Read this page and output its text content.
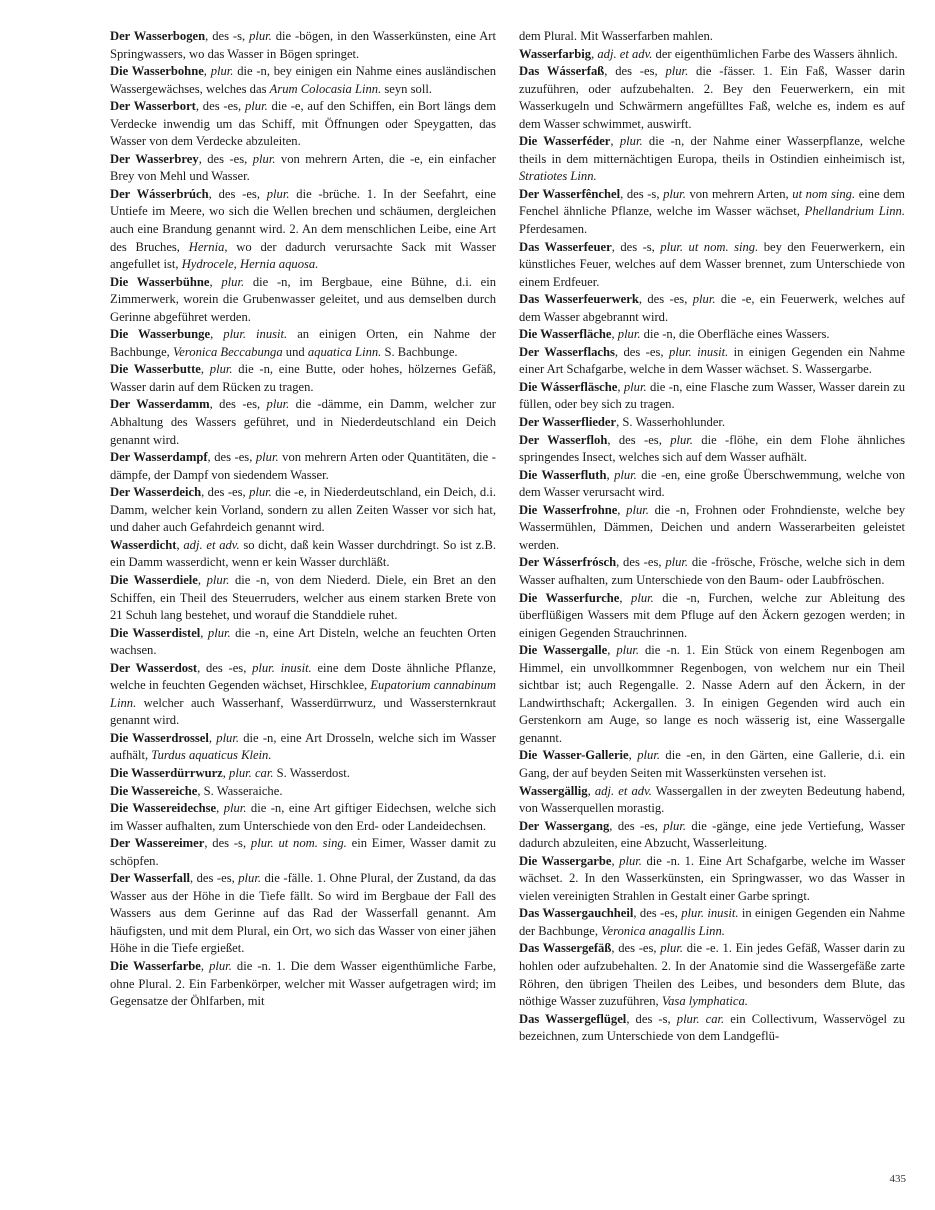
Der Wasserbogen, des -s, plur. die -bögen, in den Wasserkünsten, eine Art Springwassers, wo das Wasser in Bögen springet.

Die Wasserbohne, plur. die -n, bey einigen ein Nahme eines ausländischen Wassergewächses, welches das Arum Colocasia Linn. seyn soll.

Der Wasserbort, des -es, plur. die -e, auf den Schiffen, ein Bort längs dem Verdecke inwendig um das Schiff, mit Öffnungen oder Speygatten, das Wasser von dem Verdecke abzuleiten.

Der Wasserbrey, des -es, plur. von mehrern Arten, die -e, ein einfacher Brey von Mehl und Wasser.

Der Wásserbrúch, des -es, plur. die -brüche. 1. In der Seefahrt, eine Untiefe im Meere, wo sich die Wellen brechen und schäumen, dergleichen auch eine Brandung genannt wird. 2. An dem menschlichen Leibe, eine Art des Bruches, Hernia, wo der dadurch verursachte Sack mit Wasser angefullet ist, Hydrocele, Hernia aquosa.

Die Wasserbühne, plur. die -n, im Bergbaue, eine Bühne, d.i. ein Zimmerwerk, worein die Grubenwasser geleitet, und aus demselben durch Gerinne abgeführet werden.

Die Wasserbunge, plur. inusit. an einigen Orten, ein Nahme der Bachbunge, Veronica Beccabunga und aquatica Linn. S. Bachbunge.

Die Wasserbutte, plur. die -n, eine Butte, oder hohes, hölzernes Gefäß, Wasser darin auf dem Rücken zu tragen.

Der Wasserdamm, des -es, plur. die -dämme, ein Damm, welcher zur Abhaltung des Wassers geführet, und in Niederdeutschland ein Deich genannt wird.

Der Wasserdampf, des -es, plur. von mehrern Arten oder Quantitäten, die -dämpfe, der Dampf von siedendem Wasser.

Der Wasserdeich, des -es, plur. die -e, in Niederdeutschland, ein Deich, d.i. Damm, welcher kein Vorland, sondern zu allen Zeiten Wasser vor sich hat, und daher auch Gefahrdeich genannt wird.

Wasserdicht, adj. et adv. so dicht, daß kein Wasser durchdringt. So ist z.B. ein Damm wasserdicht, wenn er kein Wasser durchläßt.

Die Wasserdiele, plur. die -n, von dem Niederd. Diele, ein Bret an den Schiffen, ein Theil des Steuerruders, welcher aus einem starken Brete von 21 Schuh lang bestehet, und worauf die Standdiele ruhet.

Die Wasserdistel, plur. die -n, eine Art Disteln, welche an feuchten Orten wachsen.

Der Wasserdost, des -es, plur. inusit. eine dem Doste ähnliche Pflanze, welche in feuchten Gegenden wächset, Hirschklee, Eupatorium cannabinum Linn. welcher auch Wasserhanf, Wasserdürrwurz, und Wassersternkraut genannt wird.

Die Wasserdrossel, plur. die -n, eine Art Drosseln, welche sich im Wasser aufhält, Turdus aquaticus Klein.

Die Wasserdürrwurz, plur. car. S. Wasserdost.

Die Wassereiche, S. Wasseraiche.

Die Wassereidechse, plur. die -n, eine Art giftiger Eidechsen, welche sich im Wasser aufhalten, zum Unterschiede von den Erd- oder Landeidechsen.

Der Wassereimer, des -s, plur. ut nom. sing. ein Eimer, Wasser damit zu schöpfen.

Der Wasserfall, des -es, plur. die -fälle. 1. Ohne Plural, der Zustand, da das Wasser aus der Höhe in die Tiefe fällt. So wird im Bergbaue der Fall des Wassers aus dem Gerinne auf das Rad der Wasserfall genannt. Am häufigsten, und mit dem Plural, ein Ort, wo sich das Wasser von einer jähen Höhe in die Tiefe ergießet.

Die Wasserfarbe, plur. die -n. 1. Die dem Wasser eigenthümliche Farbe, ohne Plural. 2. Ein Farbenkörper, welcher mit Wasser aufgetragen wird; im Gegensatze der Öhlfarben, mit

dem Plural. Mit Wasserfarben mahlen.

Wasserfarbig, adj. et adv. der eigenthümlichen Farbe des Wassers ähnlich.

Das Wásserfaß, des -es, plur. die -fässer. 1. Ein Faß, Wasser darin zuzuführen, oder aufzubehalten. 2. Bey den Feuerwerkern, ein mit Wasserkugeln und Schwärmern angefülltes Faß, welche es, indem es auf dem Wasser schwimmet, auswirft.

Die Wasserféder, plur. die -n, der Nahme einer Wasserpflanze, welche theils in dem mitternächtigen Europa, theils in Ostindien einheimisch ist, Stratiotes Linn.

Der Wasserfênchel, des -s, plur. von mehrern Arten, ut nom sing. eine dem Fenchel ähnliche Pflanze, welche im Wasser wächset, Phellandrium Linn. Pferdesamen.

Das Wasserfeuer, des -s, plur. ut nom. sing. bey den Feuerwerkern, ein künstliches Feuer, welches auf dem Wasser brennet, zum Unterschiede von einem Erdfeuer.

Das Wasserfeuerwerk, des -es, plur. die -e, ein Feuerwerk, welches auf dem Wasser abgebrannt wird.

Die Wasserfläche, plur. die -n, die Oberfläche eines Wassers.

Der Wasserflachs, des -es, plur. inusit. in einigen Gegenden ein Nahme einer Art Schafgarbe, welche in dem Wasser wächset. S. Wassergarbe.

Die Wásserfläsche, plur. die -n, eine Flasche zum Wasser, Wasser darein zu füllen, oder bey sich zu tragen.

Der Wasserflieder, S. Wasserhohlunder.

Der Wasserfloh, des -es, plur. die -flöhe, ein dem Flohe ähnliches springendes Insect, welches sich auf dem Wasser aufhält.

Die Wasserfluth, plur. die -en, eine große Überschwemmung, welche von dem Wasser verursacht wird.

Die Wasserfrohne, plur. die -n, Frohnen oder Frohndienste, welche bey Wassermühlen, Dämmen, Deichen und andern Wasserarbeiten geleistet werden.

Der Wásserfrósch, des -es, plur. die -frösche, Frösche, welche sich in dem Wasser aufhalten, zum Unterschiede von den Baum- oder Laubfröschen.

Die Wasserfurche, plur. die -n, Furchen, welche zur Ableitung des überflüßigen Wassers mit dem Pfluge auf den Äckern gezogen werden; in einigen Gegenden Strauchrinnen.

Die Wassergalle, plur. die -n. 1. Ein Stück von einem Regenbogen am Himmel, ein unvollkommner Regenbogen, von welchem nur ein Theil sichtbar ist; auch Regengalle. 2. Nasse Adern auf den Äckern, in der Landwirthschaft; Ackergallen. 3. In einigen Gegenden wird auch ein Gerstenkorn am Auge, so lange es noch wässerig ist, eine Wassergalle genannt.

Die Wasser-Gallerie, plur. die -en, in den Gärten, eine Gallerie, d.i. ein Gang, der auf beyden Seiten mit Wasserkünsten versehen ist.

Wassergällig, adj. et adv. Wassergallen in der zweyten Bedeutung habend, von Wasserquellen morastig.

Der Wassergang, des -es, plur. die -gänge, eine jede Vertiefung, Wasser dadurch abzuleiten, eine Abzucht, Wasserleitung.

Die Wassergarbe, plur. die -n. 1. Eine Art Schafgarbe, welche im Wasser wächset. 2. In den Wasserkünsten, ein Springwasser, wo das Wasser in vielen vereinigten Strahlen in Gestalt einer Garbe springt.

Das Wassergauchheil, des -es, plur. inusit. in einigen Gegenden ein Nahme der Bachbunge, Veronica anagallis Linn.

Das Wassergefäß, des -es, plur. die -e. 1. Ein jedes Gefäß, Wasser darin zu hohlen oder aufzubehalten. 2. In der Anatomie sind die Wassergefäße zarte Röhren, den übrigen Theilen des Leibes, und besonders dem Blute, das nöthige Wasser zuzuführen, Vasa lymphatica.

Das Wassergeflügel, des -s, plur. car. ein Collectivum, Wasservögel zu bezeichnen, zum Unterschiede von dem Landgeflü-

435
